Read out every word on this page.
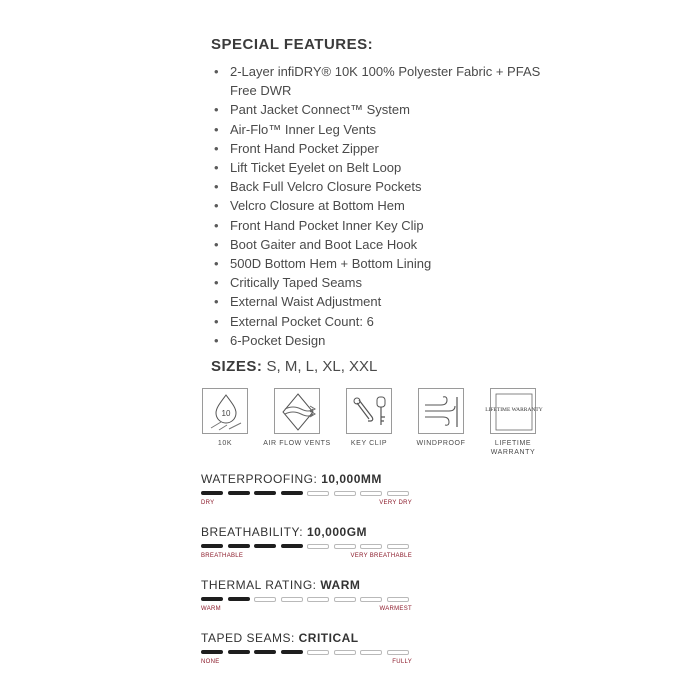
SPECIAL FEATURES:
• 2-Layer infiDRY® 10K 100% Polyester Fabric + PFAS Free DWR
• Pant Jacket Connect™ System
• Air-Flo™ Inner Leg Vents
• Front Hand Pocket Zipper
• Lift Ticket Eyelet on Belt Loop
• Back Full Velcro Closure Pockets
• Velcro Closure at Bottom Hem
• Front Hand Pocket Inner Key Clip
• Boot Gaiter and Boot Lace Hook
• 500D Bottom Hem + Bottom Lining
• Critically Taped Seams
• External Waist Adjustment
• External Pocket Count: 6
• 6-Pocket Design
SIZES: S, M, L, XL, XXL
10
10K	AIR FLOW VENTS	KEY CLIP	WINDPROOF
LIFETIME WARRANTY
LIFETIME WARRANTY
WATERPROOFING: 10,000MM
DRY	VERY DRY
BREATHABILITY: 10,000GM
BREATHABLE	VERY BREATHABLE
THERMAL RATING: WARM
WARM	WARMEST
TAPED SEAMS: CRITICAL
NONE	FULLY
